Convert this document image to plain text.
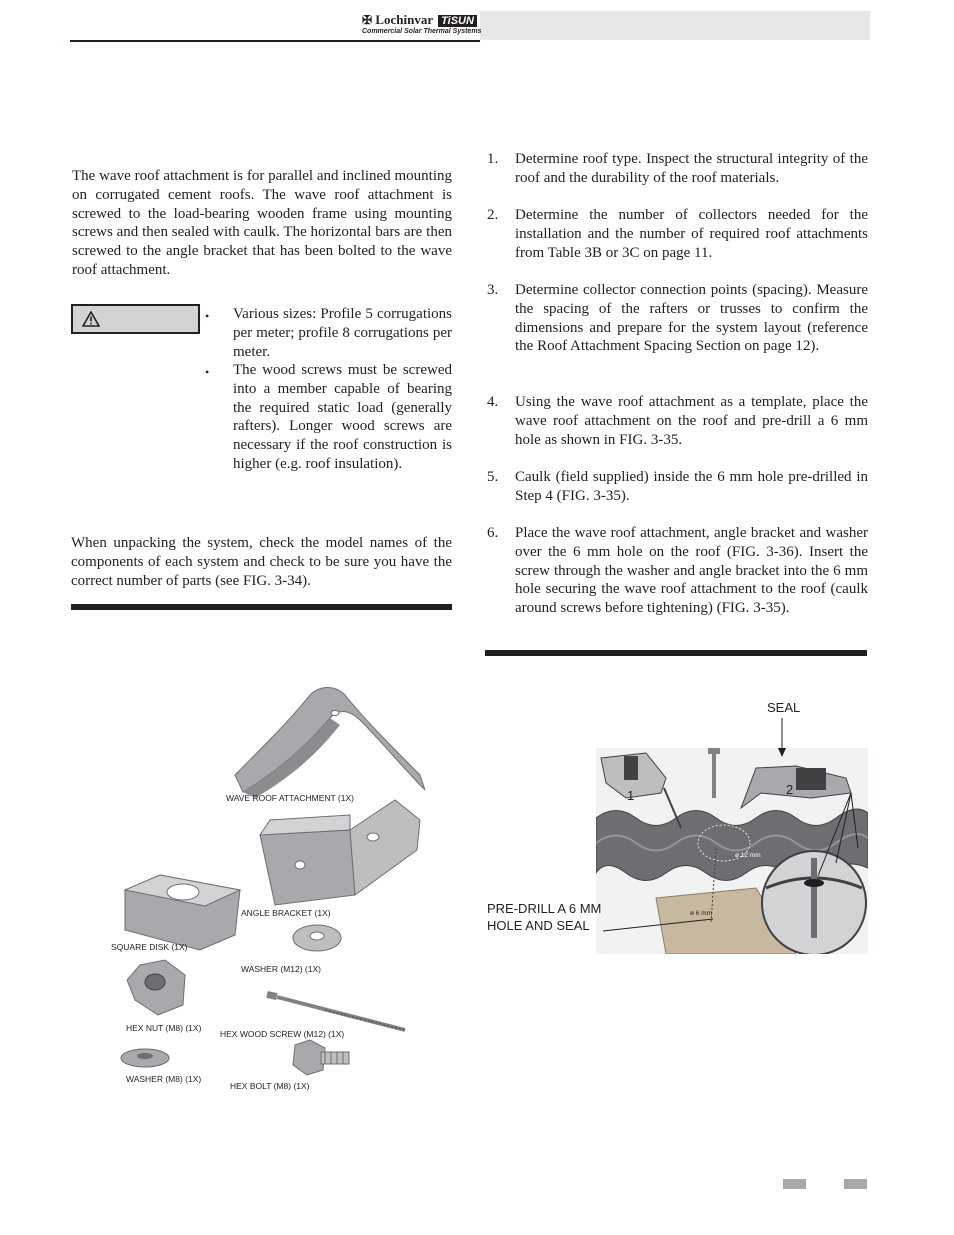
✠ Lochinvar TiSUN
Commercial Solar Thermal Systems
The wave roof attachment is for parallel and inclined mounting on corrugated cement roofs. The wave roof attachment is screwed to the load-bearing wooden frame using mounting screws and then sealed with caulk. The horizontal bars are then screwed to the angle bracket that has been bolted to the wave roof attachment.
• Various sizes: Profile 5 corrugations per meter; profile 8 corrugations per meter.
• The wood screws must be screwed into a member capable of bearing the required static load (generally rafters). Longer wood screws are necessary if the roof construction is higher (e.g. roof insulation).
When unpacking the system, check the model names of the components of each system and check to be sure you have the correct number of parts (see FIG. 3-34).
WAVE ROOF ATTACHMENT (1X)
ANGLE BRACKET (1X)
SQUARE DISK (1X)
WASHER (M12) (1X)
HEX NUT (M8) (1X)
HEX WOOD SCREW (M12) (1X)
WASHER (M8) (1X)
HEX BOLT (M8) (1X)
1. Determine roof type. Inspect the structural integrity of the roof and the durability of the roof materials.
2. Determine the number of collectors needed for the installation and the number of required roof attachments from Table 3B or 3C on page 11.
3. Determine collector connection points (spacing). Measure the spacing of the rafters or trusses to confirm the dimensions and prepare for the system layout (reference the Roof Attachment Spacing Section on page 12).
4. Using the wave roof attachment as a template, place the wave roof attachment on the roof and pre-drill a 6 mm hole as shown in FIG. 3-35.
5. Caulk (field supplied) inside the 6 mm hole pre-drilled in Step 4 (FIG. 3-35).
6. Place the wave roof attachment, angle bracket and washer over the 6 mm hole on the roof (FIG. 3-36). Insert the screw through the washer and angle bracket into the 6 mm hole securing the wave roof attachment to the roof (caulk around screws before tightening) (FIG. 3-35).
1	2
ø 12 mm
ø 6 mm
SEAL
PRE-DRILL A 6 MM
HOLE AND SEAL
